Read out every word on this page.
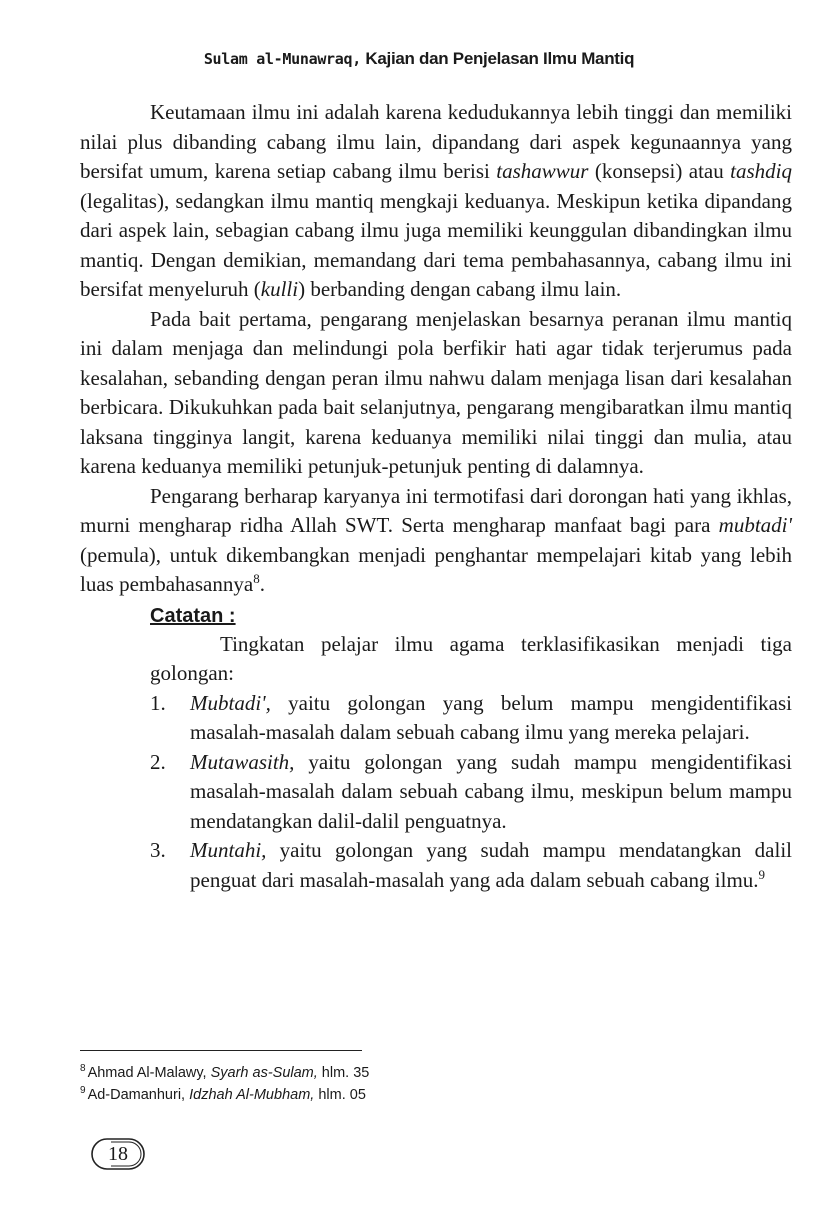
Sulam al-Munawraq, Kajian dan Penjelasan Ilmu Mantiq

Keutamaan ilmu ini adalah karena kedudukannya lebih tinggi dan memiliki nilai plus dibanding cabang ilmu lain, dipandang dari aspek kegunaannya yang bersifat umum, karena setiap cabang ilmu berisi tashawwur (konsepsi) atau tashdiq (legalitas), sedangkan ilmu mantiq mengkaji keduanya. Meskipun ketika dipandang dari aspek lain, sebagian cabang ilmu juga memiliki keunggulan dibandingkan ilmu mantiq. Dengan demikian, memandang dari tema pembahasannya, cabang ilmu ini bersifat menyeluruh (kulli) berbanding dengan cabang ilmu lain.

Pada bait pertama, pengarang menjelaskan besarnya peranan ilmu mantiq ini dalam menjaga dan melindungi pola berfikir hati agar tidak terjerumus pada kesalahan, sebanding dengan peran ilmu nahwu dalam menjaga lisan dari kesalahan berbicara. Dikukuhkan pada bait selanjutnya, pengarang mengibaratkan ilmu mantiq laksana tingginya langit, karena keduanya memiliki nilai tinggi dan mulia, atau karena keduanya memiliki petunjuk-petunjuk penting di dalamnya.

Pengarang berharap karyanya ini termotifasi dari dorongan hati yang ikhlas, murni mengharap ridha Allah SWT. Serta mengharap manfaat bagi para mubtadi' (pemula), untuk dikembangkan menjadi penghantar mempelajari kitab yang lebih luas pembahasannya$^8$.

Catatan :

Tingkatan pelajar ilmu agama terklasifikasikan menjadi tiga golongan:

1. Mubtadi', yaitu golongan yang belum mampu mengidentifikasi masalah-masalah dalam sebuah cabang ilmu yang mereka pelajari.
2. Mutawasith, yaitu golongan yang sudah mampu mengidentifikasi masalah-masalah dalam sebuah cabang ilmu, meskipun belum mampu mendatangkan dalil-dalil penguatnya.
3. Muntahi, yaitu golongan yang sudah mampu mendatangkan dalil penguat dari masalah-masalah yang ada dalam sebuah cabang ilmu.$^9$
$^8$ Ahmad Al-Malawy, Syarh as-Sulam, hlm. 35
$^9$ Ad-Damanhuri, Idzhah Al-Mubham, hlm. 05
18
